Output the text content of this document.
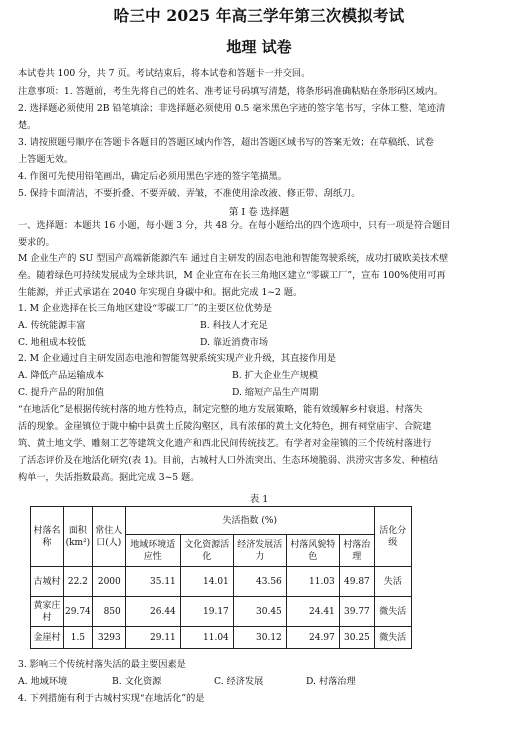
哈三中 2025 年高三学年第三次模拟考试
地理 试卷
本试卷共 100 分，共 7 页。考试结束后，将本试卷和答题卡一并交回。
注意事项：1. 答题前，考生先将自己的姓名、准考证号码填写清楚，将条形码准确粘贴在条形码区域内。
2. 选择题必须使用 2B 铅笔填涂；非选择题必须使用 0.5 毫米黑色字迹的签字笔书写，字体工整、笔迹清
楚。
3. 请按照题号顺序在答题卡各题目的答题区域内作答，超出答题区域书写的答案无效；在草稿纸、试卷
上答题无效。
4. 作图可先使用铅笔画出，确定后必须用黑色字迹的签字笔描黑。
5. 保持卡面清洁，不要折叠、不要弄破、弄皱，不准使用涂改液、修正带、刮纸刀。
第 I 卷 选择题
一、选择题：本题共 16 小题，每小题 3 分，共 48 分。在每小题给出的四个选项中，只有一项是符合题目
要求的。
M 企业生产的 SU 型国产高端新能源汽车 通过自主研发的固态电池和智能驾驶系统，成功打破欧美技术壁
垒。随着绿色可持续发展成为全球共识，M 企业宣布在长三角地区建立“零碳工厂”，宣布 100%使用可再
生能源，并正式承诺在 2040 年实现自身碳中和。据此完成 1~2 题。
1. M 企业选择在长三角地区建设“零碳工厂”的主要区位优势是
A. 传统能源丰富	B. 科技人才充足
C. 地租成本较低	D. 靠近消费市场
2. M 企业通过自主研发固态电池和智能驾驶系统实现产业升级，其直接作用是
A. 降低产品运输成本	B. 扩大企业生产规模
C. 提升产品的附加值	D. 缩短产品生产周期
“在地活化”是根据传统村落的地方性特点，制定完整的地方发展策略，能有效缓解乡村衰退、村落失
活的现象。金崖镇位于陇中榆中县黄土丘陵沟壑区，具有浓郁的黄土文化特色，拥有祠堂庙宇、合院建
筑、黄土地文学、雕刻工艺等建筑文化遗产和西北民间传统技艺。有学者对金崖镇的三个传统村落进行
了活态评价及在地活化研究(表 1)。目前，古城村人口外流突出、生态环境脆弱、洪涝灾害多发、种植结
构单一，失活指数最高。据此完成 3~5 题。
表 1
村落名称	面积(km²)	常住人口(人)	失活指数 (%)					活化分级
			地域环境适应性	文化资源活化	经济发展活力	村落风貌特色	村落治理	
古城村	22.2	2000	35.11	14.01	43.56	11.03	49.87	失活
黄家庄村	29.74	850	26.44	19.17	30.45	24.41	39.77	微失活
金崖村	1.5	3293	29.11	11.04	30.12	24.97	30.25	微失活
3. 影响三个传统村落失活的最主要因素是
A. 地域环境	B. 文化资源	C. 经济发展	D. 村落治理
4. 下列措施有利于古城村实现“在地活化”的是
